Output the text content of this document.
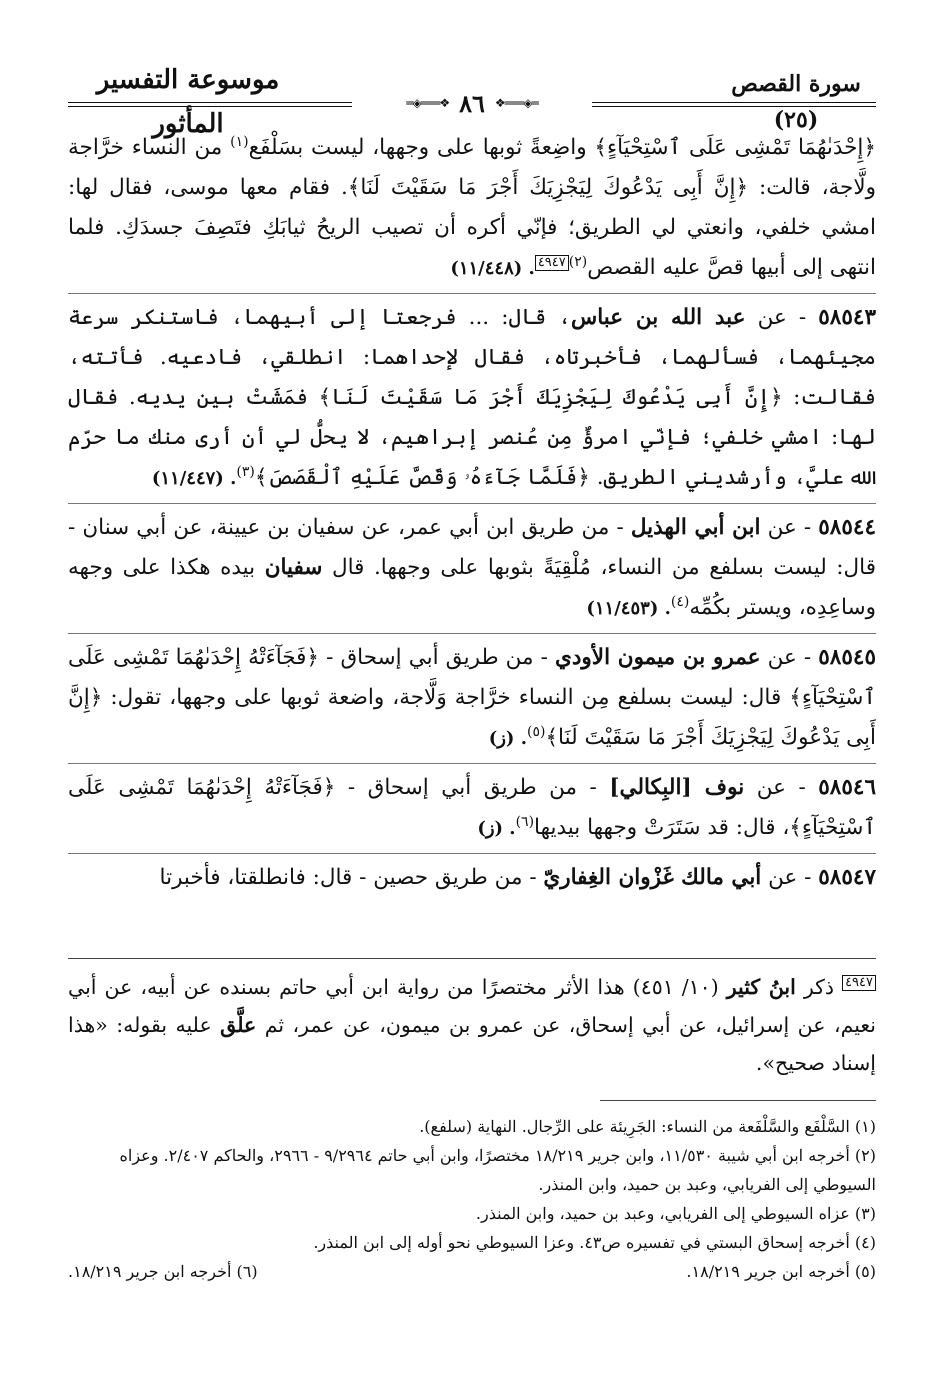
موسوعة التفسير المأثور
سورة القصص (٢٥)
═◈═══❖ ٨٦ ❖═══◈═

﴿إِحْدَىٰهُمَا تَمْشِى عَلَى ٱسْتِحْيَآءٍ﴾ واضِعةً ثوبها على وجهها، ليست بسَلْفَع$^{(١)}$ من النساء خرَّاجة ولَّاجة، قالت: ﴿إِنَّ أَبِى يَدْعُوكَ لِيَجْزِيَكَ أَجْرَ مَا سَقَيْتَ لَنَا﴾. فقام معها موسى، فقال لها: امشي خلفي، وانعتي لي الطريق؛ فإنّي أكره أن تصيب الريحُ ثيابَكِ فتَصِفَ جسدَكِ. فلما انتهى إلى أبيها قصَّ عليه القصص$^{(٢)}$٤٩٤٧. (١١/٤٤٨)

٥٨٥٤٣ - عن عبد الله بن عباس، قال: ... فرجعتا إلى أبيهما، فاستنكر سرعة مجيئهما، فسألهما، فأخبرتاه، فقال لإحداهما: انطلقي، فادعيه. فأتته، فقالت: ﴿إِنَّ أَبِى يَدْعُوكَ لِيَجْزِيَكَ أَجْرَ مَا سَقَيْتَ لَنَا﴾ فمَشَتْ بين يديه. فقال لها: امشي خلفي؛ فإنّي امرؤٌ مِن عُنصر إبراهيم، لا يحلُّ لي أن أرى منك ما حرّم الله عليَّ، وأرشديني الطريق. ﴿فَلَمَّا جَآءَهُۥ وَقَصَّ عَلَيْهِ ٱلْقَصَصَ﴾$^{(٣)}$. (١١/٤٤٧)

٥٨٥٤٤ - عن ابن أبي الهذيل - من طريق ابن أبي عمر، عن سفيان بن عيينة، عن أبي سنان - قال: ليست بسلفع من النساء، مُلْقِيَةً بثوبها على وجهها. قال سفيان بيده هكذا على وجهه وساعِدِه، ويستر بكُمِّه$^{(٤)}$. (١١/٤٥٣)

٥٨٥٤٥ - عن عمرو بن ميمون الأودي - من طريق أبي إسحاق - ﴿فَجَآءَتْهُ إِحْدَىٰهُمَا تَمْشِى عَلَى ٱسْتِحْيَآءٍ﴾ قال: ليست بسلفع مِن النساء خرَّاجة وَلَّاجة، واضعة ثوبها على وجهها، تقول: ﴿إِنَّ أَبِى يَدْعُوكَ لِيَجْزِيَكَ أَجْرَ مَا سَقَيْتَ لَنَا﴾$^{(٥)}$. (ز)

٥٨٥٤٦ - عن نوف [البِكالي] - من طريق أبي إسحاق - ﴿فَجَآءَتْهُ إِحْدَىٰهُمَا تَمْشِى عَلَى ٱسْتِحْيَآءٍ﴾، قال: قد سَتَرَتْ وجهها بيديها$^{(٦)}$. (ز)

٥٨٥٤٧ - عن أبي مالك غَزْوان الغِفاريّ - من طريق حصين - قال: فانطلقتا، فأخبرتا

٤٩٤٧ ذكر ابنُ كثير (١٠/ ٤٥١) هذا الأثر مختصرًا من رواية ابن أبي حاتم بسنده عن أبيه، عن أبي نعيم، عن إسرائيل، عن أبي إسحاق، عن عمرو بن ميمون، عن عمر، ثم علَّق عليه بقوله: «هذا إسناد صحيح».

(١) السَّلْفَع والسَّلْفَعة من النساء: الجَرِيئة على الرِّجال. النهاية (سلفع).

(٢) أخرجه ابن أبي شيبة ١١/٥٣٠، وابن جرير ١٨/٢١٩ مختصرًا، وابن أبي حاتم ٩/٢٩٦٤ - ٢٩٦٦، والحاكم ٢/٤٠٧. وعزاه السيوطي إلى الفريابي، وعبد بن حميد، وابن المنذر.

(٣) عزاه السيوطي إلى الفريابي، وعبد بن حميد، وابن المنذر.

(٤) أخرجه إسحاق البستي في تفسيره ص٤٣. وعزا السيوطي نحو أوله إلى ابن المنذر.

(٥) أخرجه ابن جرير ١٨/٢١٩.
(٦) أخرجه ابن جرير ١٨/٢١٩.
